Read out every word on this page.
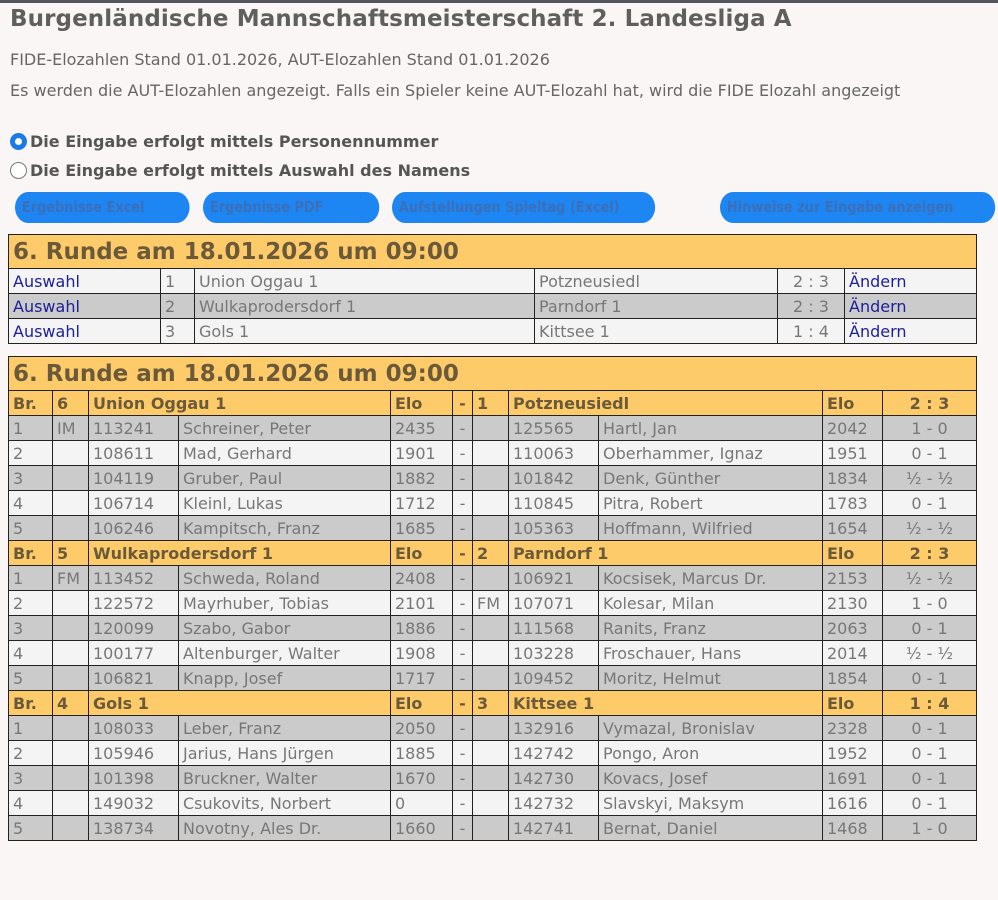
Burgenländische Mannschaftsmeisterschaft 2. Landesliga A
FIDE-Elozahlen Stand 01.01.2026, AUT-Elozahlen Stand 01.01.2026
Es werden die AUT-Elozahlen angezeigt. Falls ein Spieler keine AUT-Elozahl hat, wird die FIDE Elozahl angezeigt
Die Eingabe erfolgt mittels Personennummer
Die Eingabe erfolgt mittels Auswahl des Namens
Ergebnisse Excel	Ergebnisse PDF	Aufstellungen Spieltag (Excel)	Hinweise zur Eingabe anzeigen
6. Runde am 18.01.2026 um 09:00					
Auswahl	1	Union Oggau 1	Potzneusiedl	2 : 3	Ändern
Auswahl	2	Wulkaprodersdorf 1	Parndorf 1	2 : 3	Ändern
Auswahl	3	Gols 1	Kittsee 1	1 : 4	Ändern
6. Runde am 18.01.2026 um 09:00										
Br.	6	Union Oggau 1		Elo	-	1	Potzneusiedl		Elo	2 : 3
1	IM	113241	Schreiner, Peter	2435	-		125565	Hartl, Jan	2042	1 - 0
2		108611	Mad, Gerhard	1901	-		110063	Oberhammer, Ignaz	1951	0 - 1
3		104119	Gruber, Paul	1882	-		101842	Denk, Günther	1834	½ - ½
4		106714	Kleinl, Lukas	1712	-		110845	Pitra, Robert	1783	0 - 1
5		106246	Kampitsch, Franz	1685	-		105363	Hoffmann, Wilfried	1654	½ - ½
Br.	5	Wulkaprodersdorf 1		Elo	-	2	Parndorf 1		Elo	2 : 3
1	FM	113452	Schweda, Roland	2408	-		106921	Kocsisek, Marcus Dr.	2153	½ - ½
2		122572	Mayrhuber, Tobias	2101	-	FM	107071	Kolesar, Milan	2130	1 - 0
3		120099	Szabo, Gabor	1886	-		111568	Ranits, Franz	2063	0 - 1
4		100177	Altenburger, Walter	1908	-		103228	Froschauer, Hans	2014	½ - ½
5		106821	Knapp, Josef	1717	-		109452	Moritz, Helmut	1854	0 - 1
Br.	4	Gols 1		Elo	-	3	Kittsee 1		Elo	1 : 4
1		108033	Leber, Franz	2050	-		132916	Vymazal, Bronislav	2328	0 - 1
2		105946	Jarius, Hans Jürgen	1885	-		142742	Pongo, Aron	1952	0 - 1
3		101398	Bruckner, Walter	1670	-		142730	Kovacs, Josef	1691	0 - 1
4		149032	Csukovits, Norbert	0	-		142732	Slavskyi, Maksym	1616	0 - 1
5		138734	Novotny, Ales Dr.	1660	-		142741	Bernat, Daniel	1468	1 - 0
